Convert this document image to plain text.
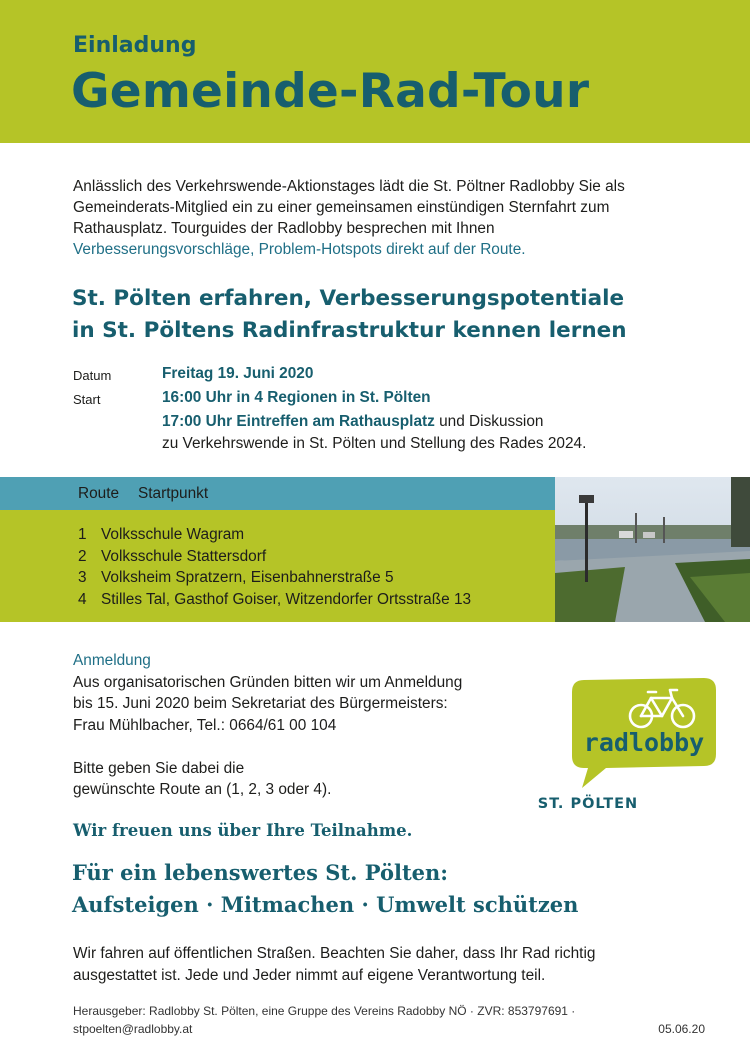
Einladung

Gemeinde-Rad-Tour

Anlässlich des Verkehrswende-Aktionstages lädt die St. Pöltner Radlobby Sie als Gemeinderats-Mitglied ein zu einer gemeinsamen einstündigen Sternfahrt zum Rathausplatz. Tourguides der Radlobby besprechen mit Ihnen
Verbesserungsvorschläge, Problem-Hotspots direkt auf der Route.

St. Pölten erfahren, Verbesserungspotentiale
in St. Pöltens Radinfrastruktur kennen lernen
Datum	Freitag 19. Juni 2020
Start	16:00 Uhr in 4 Regionen in St. Pölten
17:00 Uhr Eintreffen am Rathausplatz und Diskussion
zu Verkehrswende in St. Pölten und Stellung des Rades 2024.
Route Startpunkt
1 Volksschule Wagram
2 Volksschule Stattersdorf
3 Volksheim Spratzern, Eisenbahnerstraße 5
4 Stilles Tal, Gasthof Goiser, Witzendorfer Ortsstraße 13
Anmeldung
Aus organisatorischen Gründen bitten wir um Anmeldung
bis 15. Juni 2020 beim Sekretariat des Bürgermeisters:
Frau Mühlbacher, Tel.: 0664/61 00 104
Bitte geben Sie dabei die
gewünschte Route an (1, 2, 3 oder 4).
radlobby
ST. PÖLTEN

Wir freuen uns über Ihre Teilnahme.

Für ein lebenswertes St. Pölten:
Aufsteigen · Mitmachen · Umwelt schützen

Wir fahren auf öffentlichen Straßen. Beachten Sie daher, dass Ihr Rad richtig
ausgestattet ist. Jede und Jeder nimmt auf eigene Verantwortung teil.

Herausgeber: Radlobby St. Pölten, eine Gruppe des Vereins Radobby NÖ · ZVR: 853797691 ·
stpoelten@radlobby.at	05.06.20
